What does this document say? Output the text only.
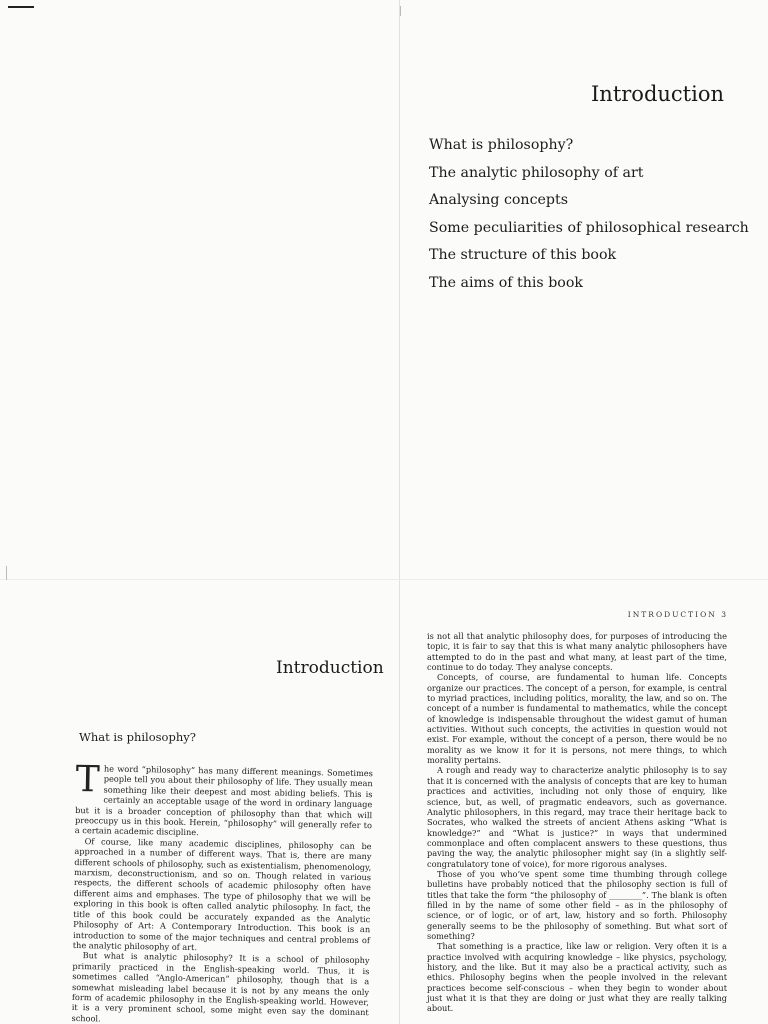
Introduction
What is philosophy?
The analytic philosophy of art
Analysing concepts
Some peculiarities of philosophical research
The structure of this book
The aims of this book
Introduction
What is philosophy?

The word “philosophy” has many different meanings. Sometimes people tell you about their philosophy of life. They usually mean something like their deepest and most abiding beliefs. This is certainly an acceptable usage of the word in ordinary language but it is a broader conception of philosophy than that which will preoccupy us in this book. Herein, “philosophy” will generally refer to a certain academic discipline.

Of course, like many academic disciplines, philosophy can be approached in a number of different ways. That is, there are many different schools of philosophy, such as existentialism, phenomenology, marxism, deconstructionism, and so on. Though related in various respects, the different schools of academic philosophy often have different aims and emphases. The type of philosophy that we will be exploring in this book is often called analytic philosophy. In fact, the title of this book could be accurately expanded as the Analytic Philosophy of Art: A Contemporary Introduction. This book is an introduction to some of the major techniques and central problems of the analytic philosophy of art.

But what is analytic philosophy? It is a school of philosophy primarily practiced in the English-speaking world. Thus, it is sometimes called “Anglo-American” philosophy, though that is a somewhat misleading label because it is not by any means the only form of academic philosophy in the English-speaking world. However, it is a very prominent school, some might even say the dominant school.

INTRODUCTION 3

is not all that analytic philosophy does, for purposes of introducing the topic, it is fair to say that this is what many analytic philosophers have attempted to do in the past and what many, at least part of the time, continue to do today. They analyse concepts.

Concepts, of course, are fundamental to human life. Concepts organize our practices. The concept of a person, for example, is central to myriad practices, including politics, morality, the law, and so on. The concept of a number is fundamental to mathematics, while the concept of knowledge is indispensable throughout the widest gamut of human activities. Without such concepts, the activities in question would not exist. For example, without the concept of a person, there would be no morality as we know it for it is persons, not mere things, to which morality pertains.

A rough and ready way to characterize analytic philosophy is to say that it is concerned with the analysis of concepts that are key to human practices and activities, including not only those of enquiry, like science, but, as well, of pragmatic endeavors, such as governance. Analytic philosophers, in this regard, may trace their heritage back to Socrates, who walked the streets of ancient Athens asking “What is knowledge?” and “What is justice?” in ways that undermined commonplace and often complacent answers to these questions, thus paving the way, the analytic philosopher might say (in a slightly self-congratulatory tone of voice), for more rigorous analyses.

Those of you who’ve spent some time thumbing through college bulletins have probably noticed that the philosophy section is full of titles that take the form “the philosophy of ________”. The blank is often filled in by the name of some other field – as in the philosophy of science, or of logic, or of art, law, history and so forth. Philosophy generally seems to be the philosophy of something. But what sort of something?

That something is a practice, like law or religion. Very often it is a practice involved with acquiring knowledge – like physics, psychology, history, and the like. But it may also be a practical activity, such as ethics. Philosophy begins when the people involved in the relevant practices become self-conscious – when they begin to wonder about just what it is that they are doing or just what they are really talking about.
